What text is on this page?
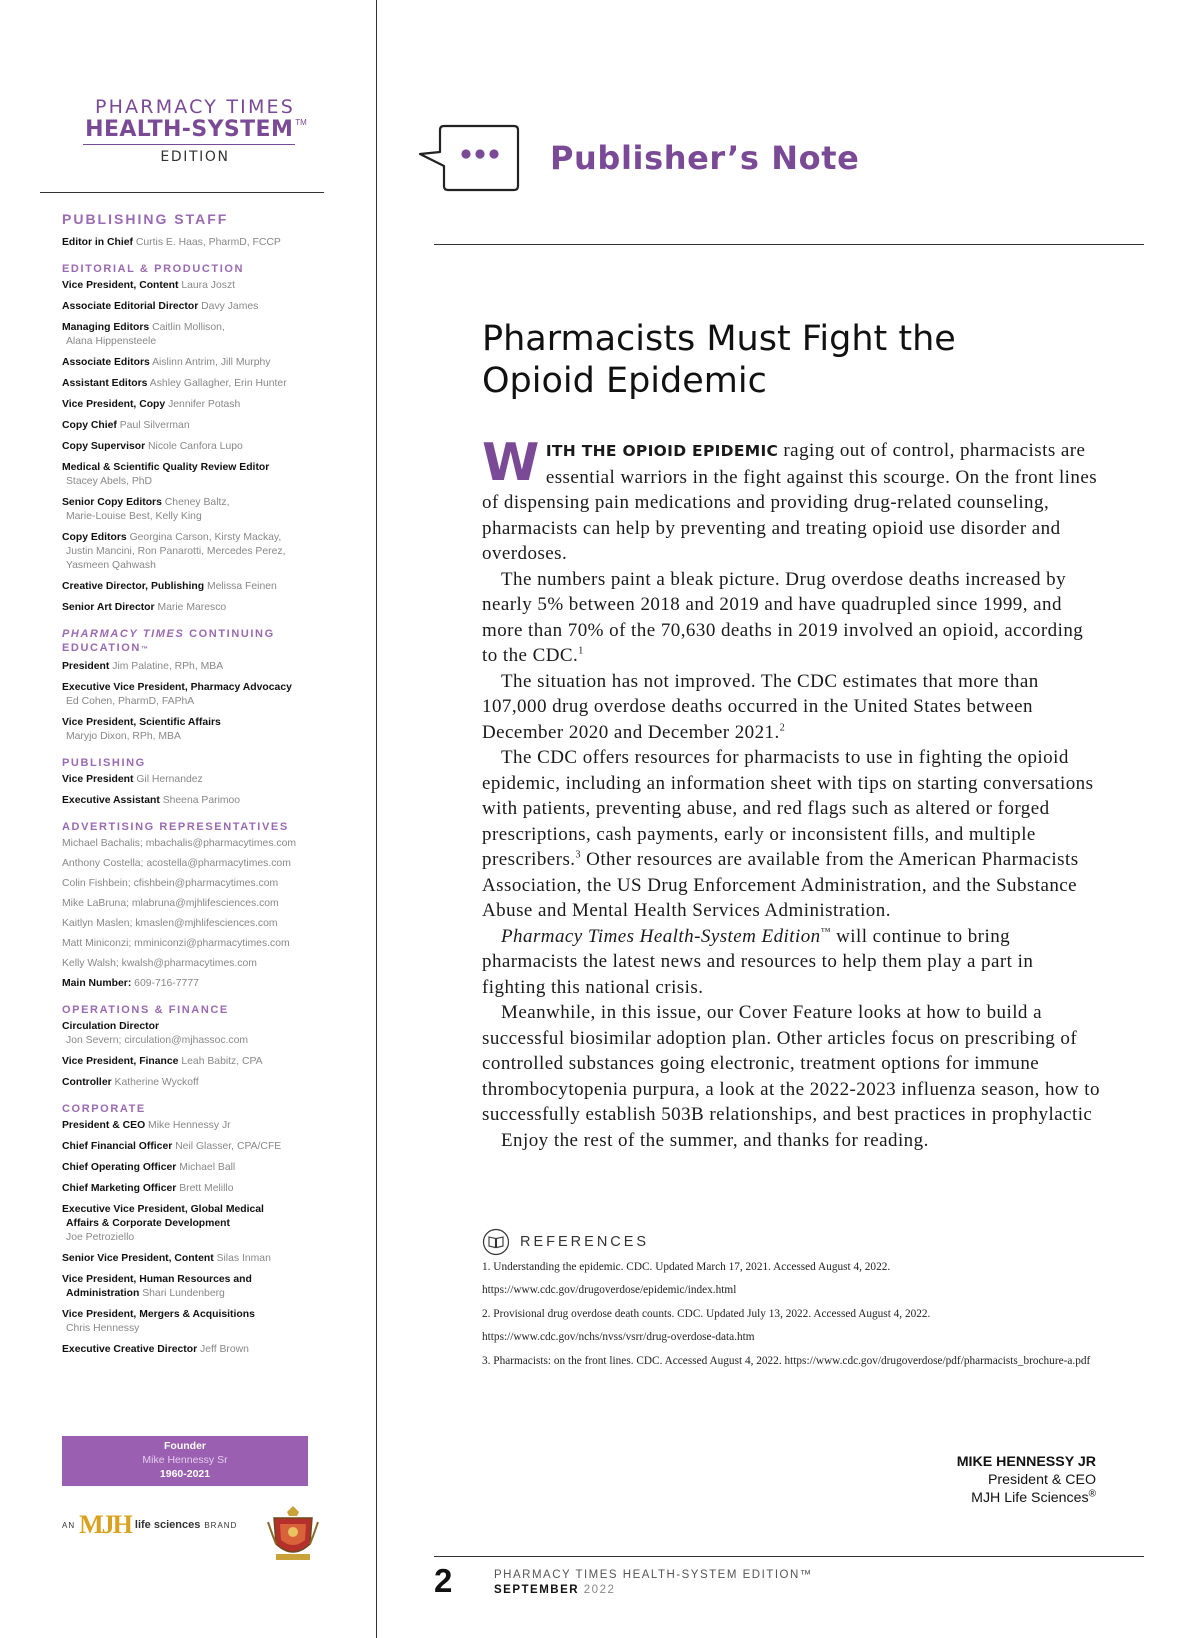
PHARMACY TIMES
HEALTH-SYSTEM ™
EDITION
PUBLISHING STAFF
Editor in Chief Curtis E. Haas, PharmD, FCCP
EDITORIAL & PRODUCTION
Vice President, Content Laura Joszt
Associate Editorial Director Davy James
Managing Editors Caitlin Mollison,
Alana Hippensteele
Associate Editors Aislinn Antrim, Jill Murphy
Assistant Editors Ashley Gallagher, Erin Hunter
Vice President, Copy Jennifer Potash
Copy Chief Paul Silverman
Copy Supervisor Nicole Canfora Lupo
Medical & Scientific Quality Review Editor
Stacey Abels, PhD
Senior Copy Editors Cheney Baltz,
Marie-Louise Best, Kelly King
Copy Editors Georgina Carson, Kirsty Mackay,
Justin Mancini, Ron Panarotti, Mercedes Perez,
Yasmeen Qahwash
Creative Director, Publishing Melissa Feinen
Senior Art Director Marie Maresco
PHARMACY TIMES CONTINUING
EDUCATION™
President Jim Palatine, RPh, MBA
Executive Vice President, Pharmacy Advocacy
Ed Cohen, PharmD, FAPhA
Vice President, Scientific Affairs
Maryjo Dixon, RPh, MBA
PUBLISHING
Vice President Gil Hernandez
Executive Assistant Sheena Parimoo
ADVERTISING REPRESENTATIVES
Michael Bachalis; mbachalis@pharmacytimes.com
Anthony Costella; acostella@pharmacytimes.com
Colin Fishbein; cfishbein@pharmacytimes.com
Mike LaBruna; mlabruna@mjhlifesciences.com
Kaitlyn Maslen; kmaslen@mjhlifesciences.com
Matt Miniconzi; mminiconzi@pharmacytimes.com
Kelly Walsh; kwalsh@pharmacytimes.com
Main Number: 609-716-7777
OPERATIONS & FINANCE
Circulation Director
Jon Severn; circulation@mjhassoc.com
Vice President, Finance Leah Babitz, CPA
Controller Katherine Wyckoff
CORPORATE
President & CEO Mike Hennessy Jr
Chief Financial Officer Neil Glasser, CPA/CFE
Chief Operating Officer Michael Ball
Chief Marketing Officer Brett Melillo
Executive Vice President, Global Medical
Affairs & Corporate Development
Joe Petroziello
Senior Vice President, Content Silas Inman
Vice President, Human Resources and
Administration Shari Lundenberg
Vice President, Mergers & Acquisitions
Chris Hennessy
Executive Creative Director Jeff Brown
Founder
Mike Hennessy Sr
1960-2021
AN MJH life sciences BRAND
Publisher’s Note
Pharmacists Must Fight the
Opioid Epidemic

WITH THE OPIOID EPIDEMIC raging out of control, pharmacists are essential warriors in the fight against this scourge. On the front lines of dispensing pain medications and providing drug-related counseling, pharmacists can help by preventing and treating opioid use disorder and overdoses.

The numbers paint a bleak picture. Drug overdose deaths increased by nearly 5% between 2018 and 2019 and have quadrupled since 1999, and more than 70% of the 70,630 deaths in 2019 involved an opioid, according to the CDC.$^1$

The situation has not improved. The CDC estimates that more than 107,000 drug overdose deaths occurred in the United States between December 2020 and December 2021.$^2$

The CDC offers resources for pharmacists to use in fighting the opioid epidemic, including an information sheet with tips on starting conversations with patients, preventing abuse, and red flags such as altered or forged prescriptions, cash payments, early or inconsistent fills, and multiple prescribers.$^3$ Other resources are available from the American Pharmacists Association, the US Drug Enforcement Administration, and the Substance Abuse and Mental Health Services Administration.

Pharmacy Times Health-System Edition™ will continue to bring pharmacists the latest news and resources to help them play a part in fighting this national crisis.

Meanwhile, in this issue, our Cover Feature looks at how to build a successful biosimilar adoption plan. Other articles focus on prescribing of controlled substances going electronic, treatment options for immune thrombocytopenia purpura, a look at the 2022-2023 influenza season, how to successfully establish 503B relationships, and best practices in prophylactic

Enjoy the rest of the summer, and thanks for reading.

REFERENCES

1. Understanding the epidemic. CDC. Updated March 17, 2021. Accessed August 4, 2022. https://www.cdc.gov/drugoverdose/epidemic/index.html

2. Provisional drug overdose death counts. CDC. Updated July 13, 2022. Accessed August 4, 2022. https://www.cdc.gov/nchs/nvss/vsrr/drug-overdose-data.htm

3. Pharmacists: on the front lines. CDC. Accessed August 4, 2022. https://www.cdc.gov/drugoverdose/pdf/pharmacists_brochure-a.pdf

MIKE HENNESSY JR
President & CEO
MJH Life Sciences®
2	PHARMACY TIMES HEALTH-SYSTEM EDITION™
SEPTEMBER 2022
